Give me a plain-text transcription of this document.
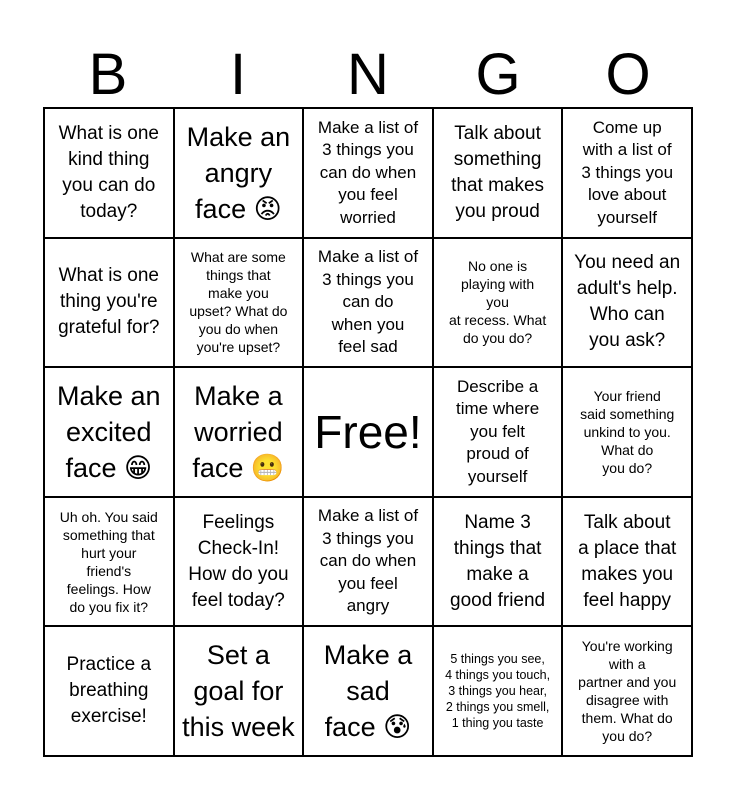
B	I	N	G	O
What is one
kind thing
you can do
today?
Make an
angry
face 😡
Make a list of
3 things you
can do when
you feel
worried
Talk about
something
that makes
you proud
Come up
with a list of
3 things you
love about
yourself
What is one
thing you're
grateful for?
What are some
things that
make you
upset? What do
you do when
you're upset?
Make a list of
3 things you
can do
when you
feel sad
No one is
playing with
you
at recess. What
do you do?
You need an
adult's help.
Who can
you ask?
Make an
excited
face 😁
Make a
worried
face 😬
Free!
Describe a
time where
you felt
proud of
yourself
Your friend
said something
unkind to you.
What do
you do?
Uh oh. You said
something that
hurt your
friend's
feelings. How
do you fix it?
Feelings
Check-In!
How do you
feel today?
Make a list of
3 things you
can do when
you feel
angry
Name 3
things that
make a
good friend
Talk about
a place that
makes you
feel happy
Practice a
breathing
exercise!
Set a
goal for
this week
Make a
sad
face 😰
5 things you see,
4 things you touch,
3 things you hear,
2 things you smell,
1 thing you taste
You're working
with a
partner and you
disagree with
them. What do
you do?
